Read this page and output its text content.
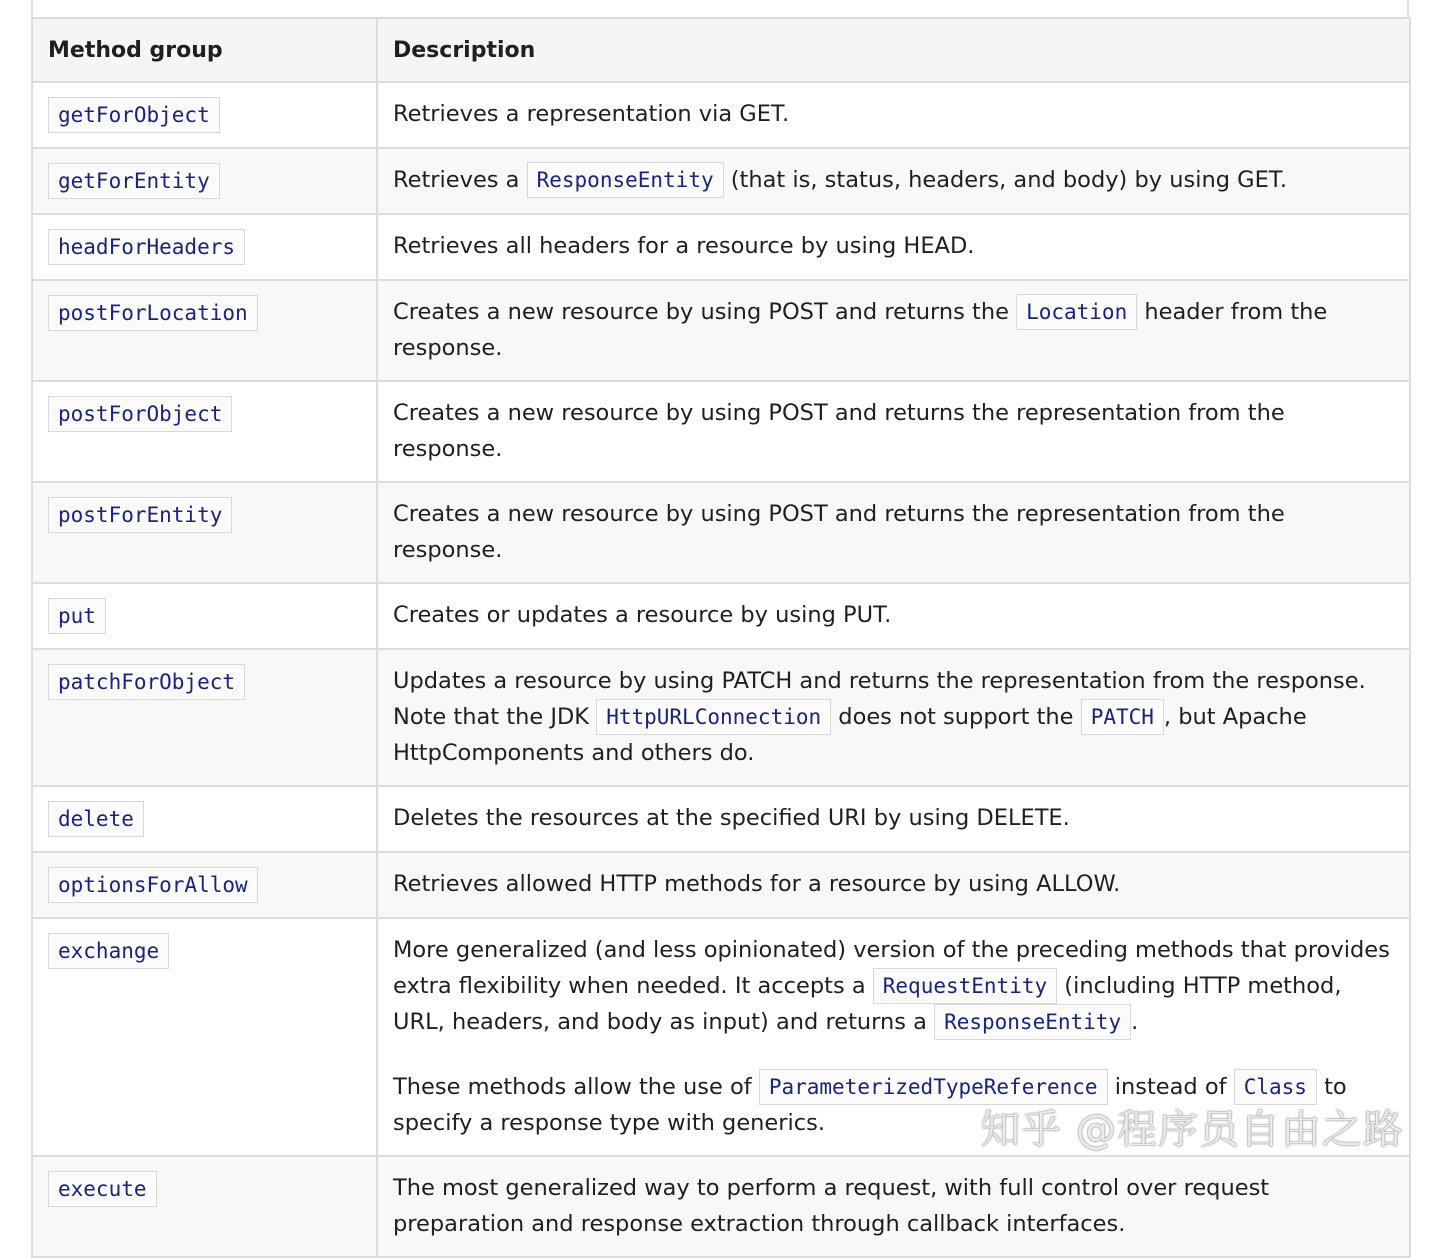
Method group	Description
getForObject	Retrieves a representation via GET.
getForEntity	Retrieves a ResponseEntity (that is, status, headers, and body) by using GET.
headForHeaders	Retrieves all headers for a resource by using HEAD.
postForLocation	Creates a new resource by using POST and returns the Location header from the response.
postForObject	Creates a new resource by using POST and returns the representation from the response.
postForEntity	Creates a new resource by using POST and returns the representation from the response.
put	Creates or updates a resource by using PUT.
patchForObject	Updates a resource by using PATCH and returns the representation from the response. Note that the JDK HttpURLConnection does not support the PATCH , but Apache HttpComponents and others do.
delete	Deletes the resources at the specified URI by using DELETE.
optionsForAllow	Retrieves allowed HTTP methods for a resource by using ALLOW.
exchange	More generalized (and less opinionated) version of the preceding methods that provides extra flexibility when needed. It accepts a RequestEntity (including HTTP method, URL, headers, and body as input) and returns a ResponseEntity .

These methods allow the use of ParameterizedTypeReference instead of Class to specify a response type with generics.

execute	The most generalized way to perform a request, with full control over request preparation and response extraction through callback interfaces.
知乎 @程序员自由之路
